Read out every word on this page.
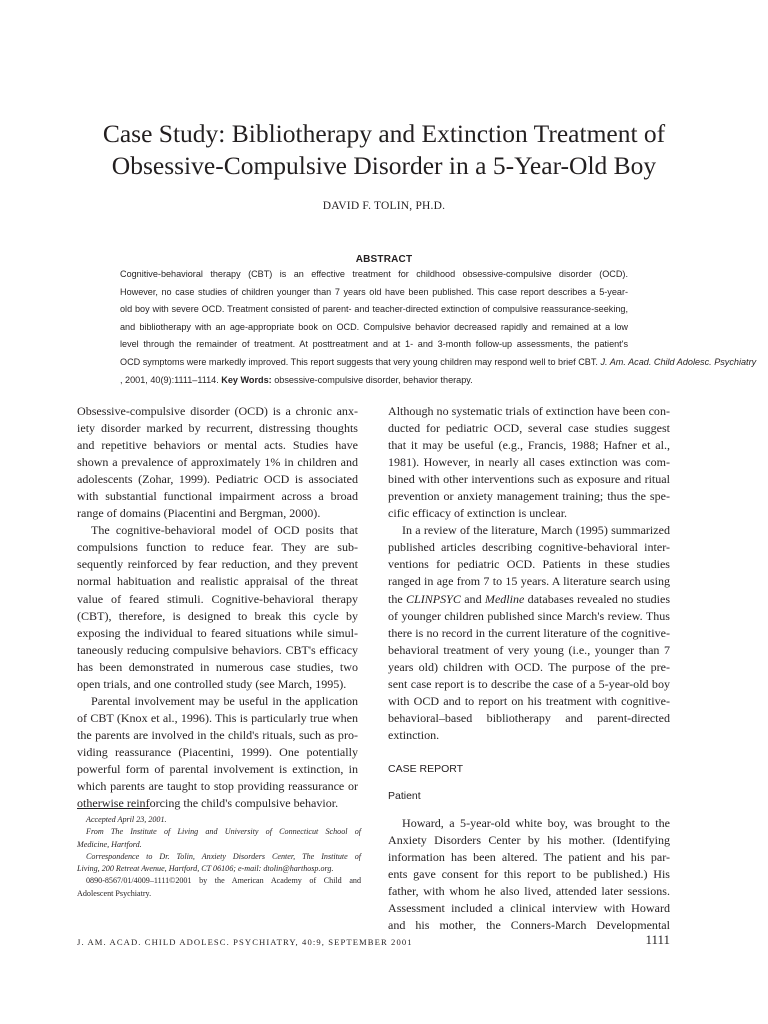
Case Study: Bibliotherapy and Extinction Treatment of
Obsessive-Compulsive Disorder in a 5-Year-Old Boy

DAVID F. TOLIN, PH.D.

ABSTRACT

Cognitive-behavioral therapy (CBT) is an effective treatment for childhood obsessive-compulsive disorder (OCD).
However, no case studies of children younger than 7 years old have been published. This case report describes a 5-year-
old boy with severe OCD. Treatment consisted of parent- and teacher-directed extinction of compulsive reassurance-seeking,
and bibliotherapy with an age-appropriate book on OCD. Compulsive behavior decreased rapidly and remained at a low
level through the remainder of treatment. At posttreatment and at 1- and 3-month follow-up assessments, the patient's
OCD symptoms were markedly improved. This report suggests that very young children may respond well to brief CBT. J. Am. Acad. Child Adolesc. Psychiatry
, 2001, 40(9):1111–1114. Key Words: obsessive-compulsive disorder, behavior therapy.
Obsessive-compulsive disorder (OCD) is a chronic anx-
iety disorder marked by recurrent, distressing thoughts
and repetitive behaviors or mental acts. Studies have
shown a prevalence of approximately 1% in children and
adolescents (Zohar, 1999). Pediatric OCD is associated
with substantial functional impairment across a broad
range of domains (Piacentini and Bergman, 2000).
The cognitive-behavioral model of OCD posits that
compulsions function to reduce fear. They are sub-
sequently reinforced by fear reduction, and they prevent
normal habituation and realistic appraisal of the threat
value of feared stimuli. Cognitive-behavioral therapy
(CBT), therefore, is designed to break this cycle by
exposing the individual to feared situations while simul-
taneously reducing compulsive behaviors. CBT's efficacy
has been demonstrated in numerous case studies, two
open trials, and one controlled study (see March, 1995).
Parental involvement may be useful in the application
of CBT (Knox et al., 1996). This is particularly true when
the parents are involved in the child's rituals, such as pro-
viding reassurance (Piacentini, 1999). One potentially
powerful form of parental involvement is extinction, in
which parents are taught to stop providing reassurance or
otherwise reinforcing the child's compulsive behavior.
Accepted April 23, 2001.
From The Institute of Living and University of Connecticut School of
Medicine, Hartford.
Correspondence to Dr. Tolin, Anxiety Disorders Center, The Institute of
Living, 200 Retreat Avenue, Hartford, CT 06106; e-mail: dtolin@harthosp.org.
0890-8567/01/4009–1111©2001 by the American Academy of Child and
Adolescent Psychiatry.
Although no systematic trials of extinction have been con-
ducted for pediatric OCD, several case studies suggest
that it may be useful (e.g., Francis, 1988; Hafner et al.,
1981). However, in nearly all cases extinction was com-
bined with other interventions such as exposure and ritual
prevention or anxiety management training; thus the spe-
cific efficacy of extinction is unclear.
In a review of the literature, March (1995) summarized
published articles describing cognitive-behavioral inter-
ventions for pediatric OCD. Patients in these studies
ranged in age from 7 to 15 years. A literature search using
the CLINPSYC and Medline databases revealed no studies
of younger children published since March's review. Thus
there is no record in the current literature of the cognitive-
behavioral treatment of very young (i.e., younger than 7
years old) children with OCD. The purpose of the pre-
sent case report is to describe the case of a 5-year-old boy
with OCD and to report on his treatment with cognitive-
behavioral–based bibliotherapy and parent-directed
extinction.
CASE REPORT
Patient
Howard, a 5-year-old white boy, was brought to the
Anxiety Disorders Center by his mother. (Identifying
information has been altered. The patient and his par-
ents gave consent for this report to be published.) His
father, with whom he also lived, attended later sessions.
Assessment included a clinical interview with Howard
and his mother, the Conners-March Developmental

J. AM. ACAD. CHILD ADOLESC. PSYCHIATRY, 40:9, SEPTEMBER 2001	1111
